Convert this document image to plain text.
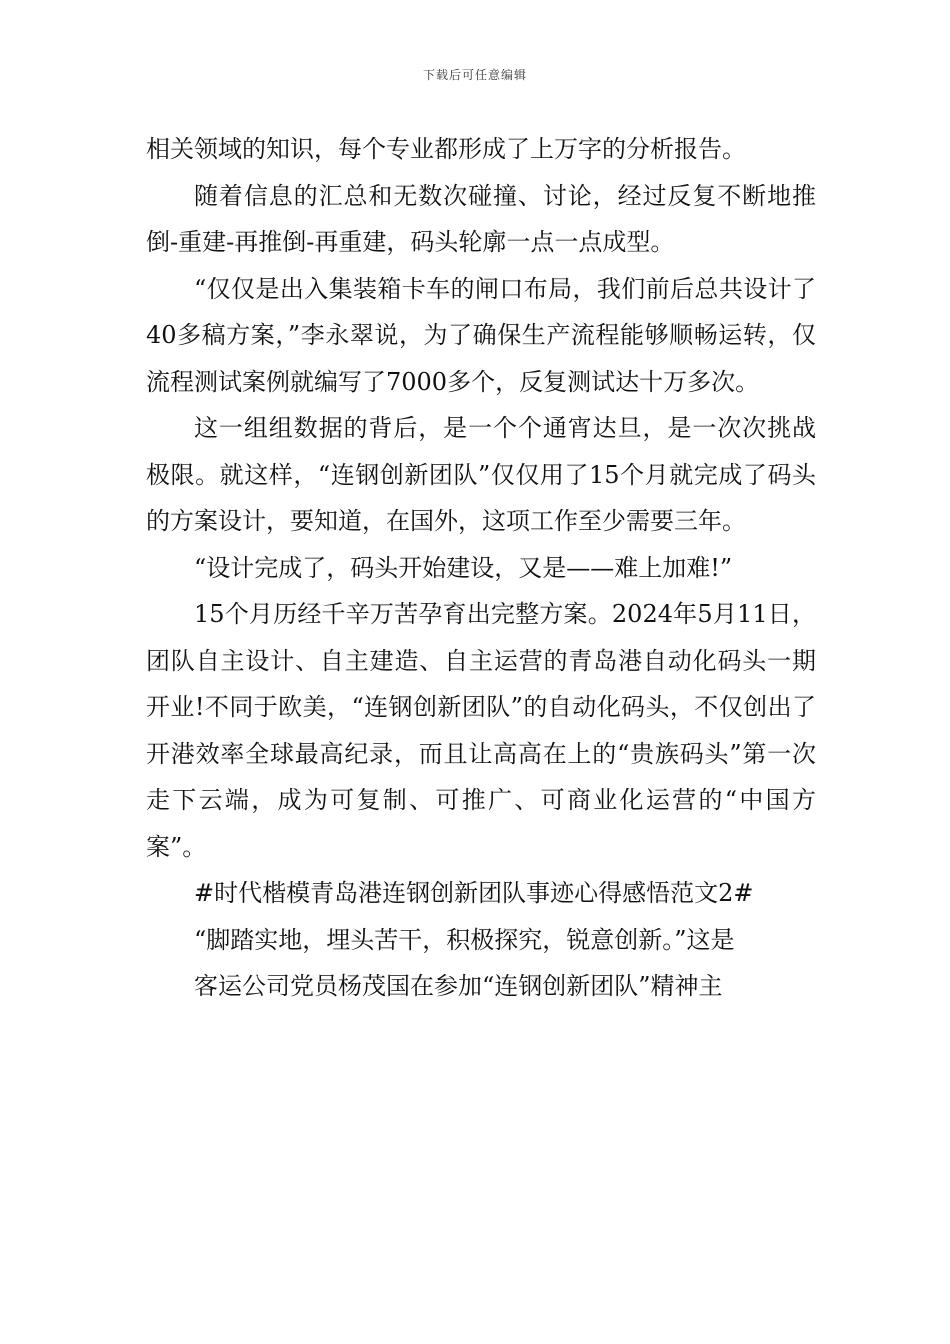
下载后可任意编辑

相关领域的知识，每个专业都形成了上万字的分析报告。

随着信息的汇总和无数次碰撞、讨论，经过反复不断地推倒-重建-再推倒-再重建，码头轮廓一点一点成型。

“仅仅是出入集装箱卡车的闸口布局，我们前后总共设计了40多稿方案，”李永翠说，为了确保生产流程能够顺畅运转，仅流程测试案例就编写了7000多个，反复测试达十万多次。

这一组组数据的背后，是一个个通宵达旦，是一次次挑战极限。就这样，“连钢创新团队”仅仅用了15个月就完成了码头的方案设计，要知道，在国外，这项工作至少需要三年。

“设计完成了，码头开始建设，又是——难上加难!”

15个月历经千辛万苦孕育出完整方案。2024年5月11日，团队自主设计、自主建造、自主运营的青岛港自动化码头一期开业!不同于欧美，“连钢创新团队”的自动化码头，不仅创出了开港效率全球最高纪录，而且让高高在上的“贵族码头”第一次走下云端，成为可复制、可推广、可商业化运营的“中国方案”。

#时代楷模青岛港连钢创新团队事迹心得感悟范文2#

“脚踏实地，埋头苦干，积极探究，锐意创新。”这是

客运公司党员杨茂国在参加“连钢创新团队”精神主
